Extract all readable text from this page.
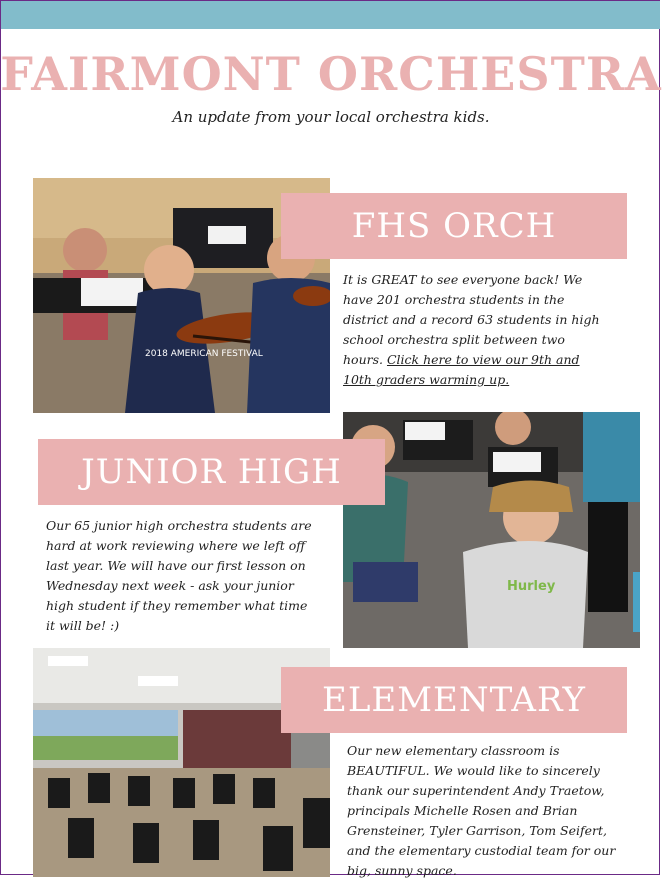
FAIRMONT ORCHESTRA
An update from your local orchestra kids.
2018 AMERICAN FESTIVAL
FHS ORCH

It is GREAT to see everyone back! We have 201 orchestra students in the district and a record 63 students in high school orchestra split between two hours. Click here to view our 9th and 10th graders warming up.

Hurley
JUNIOR HIGH

Our 65 junior high orchestra students are hard at work reviewing where we left off last year. We will have our first lesson on Wednesday next week - ask your junior high student if they remember what time it will be! :)

ELEMENTARY

Our new elementary classroom is BEAUTIFUL. We would like to sincerely thank our superintendent Andy Traetow, principals Michelle Rosen and Brian Grensteiner, Tyler Garrison, Tom Seifert, and the elementary custodial team for our big, sunny space.
